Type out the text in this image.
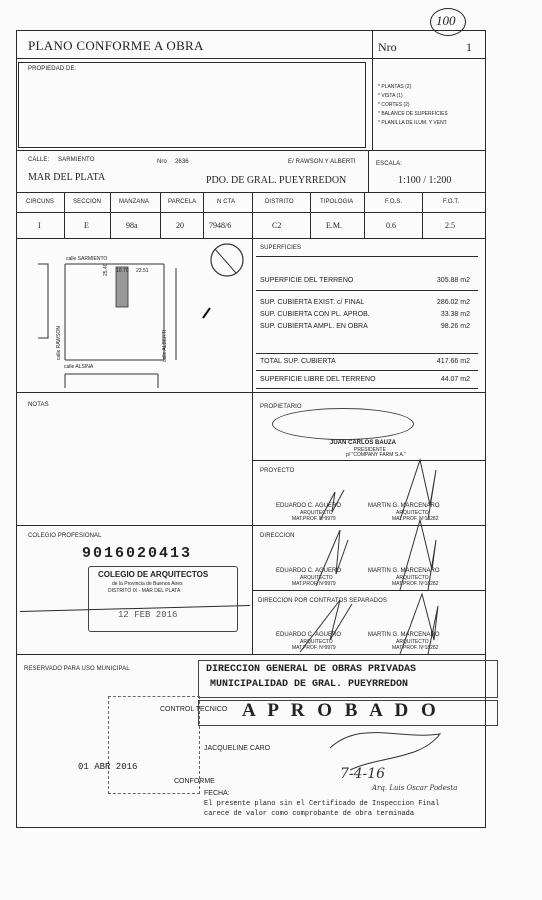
100
PLANO CONFORME A OBRA	Nro	1
PROPIEDAD DE:
* PLANTAS (2)
* VISTA (1)
* CORTES (2)
* BALANCE DE SUPERFICIES
* PLANILLA DE ILUM. Y VENT.
CALLE: SARMIENTO	Nro 2636	E/ RAWSON Y ALBERTI	ESCALA:
MAR DEL PLATA	PDO. DE GRAL. PUEYRREDON	1:100 / 1:200
CIRCUNS	SECCION	MANZANA	PARCELA	N CTA	DISTRITO	TIPOLOGIA	F.O.S.	F.O.T.
I	E	98a	20	7948/6	C2	E.M.	0.6	2.5
calle SARMIENTO
10.70 22.51
25.40
calle RAWSON	calle ALBERTI
calle ALSINA
SUPERFICIES
SUPERFICIE DEL TERRENO	305.88 m2
SUP. CUBIERTA EXIST. c/ FINAL	286.02 m2
SUP. CUBIERTA CON PL. APROB.	33.38 m2
SUP. CUBIERTA AMPL. EN OBRA	98.26 m2
TOTAL SUP. CUBIERTA	417.66 m2
SUPERFICIE LIBRE DEL TERRENO	44.07 m2
NOTAS	PROPIETARIO
JUAN CARLOS BAUZA
PRESIDENTE
p/ "COMPANY FARM S.A."
PROYECTO
EDUARDO C. AGUERO
ARQUITECTO
MAT.PROF. Nº9979
MARTIN G. MARCENARO
ARQUITECTO
MAT.PROF. Nº18282
COLEGIO PROFESIONAL	DIRECCION
9016020413
COLEGIO DE ARQUITECTOS
de la Provincia de Buenos Aires
DISTRITO IX - MAR DEL PLATA
12 FEB 2016
EDUARDO C. AGUERO
ARQUITECTO
MAT.PROF. Nº9979
MARTIN G. MARCENARO
ARQUITECTO
MAT.PROF. Nº18282
DIRECCION POR CONTRATOS SEPARADOS
EDUARDO C. AGUERO
ARQUITECTO
MAT.PROF. Nº9979
MARTIN G. MARCENARO
ARQUITECTO
MAT.PROF. Nº18282
RESERVADO PARA USO MUNICIPAL	DIRECCION GENERAL DE OBRAS PRIVADAS
MUNICIPALIDAD DE GRAL. PUEYRREDON
A P R O B A D O
CONTROL TECNICO
01 ABR 2016
JACQUELINE CARO
CONFORME
FECHA:
7-4-16
Arq. Luis Oscar Podesta
El presente plano sin el Certificado de Inspeccion Final
carece de valor como comprobante de obra terminada
